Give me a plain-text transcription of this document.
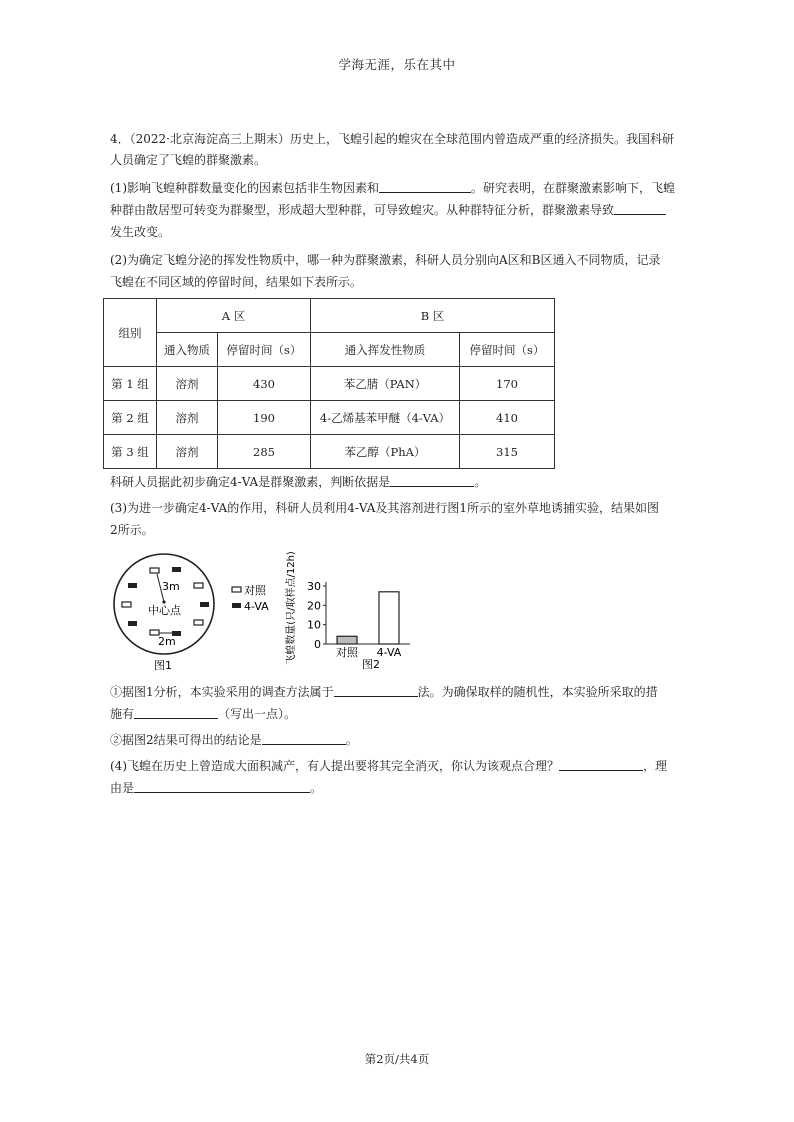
学海无涯，乐在其中
4．（2022·北京海淀高三上期末）历史上，飞蝗引起的蝗灾在全球范围内曾造成严重的经济损失。我国科研
人员确定了飞蝗的群聚激素。
(1)影响飞蝗种群数量变化的因素包括非生物因素和	。研究表明，在群聚激素影响下，飞蝗
种群由散居型可转变为群聚型，形成超大型种群，可导致蝗灾。从种群特征分析，群聚激素导致
发生改变。
(2)为确定飞蝗分泌的挥发性物质中，哪一种为群聚激素，科研人员分别向A区和B区通入不同物质，记录
飞蝗在不同区域的停留时间，结果如下表所示。
组别	A 区		B 区	
	通入物质	停留时间（s）	通入挥发性物质	停留时间（s）
第 1 组	溶剂	430	苯乙腈（PAN）	170
第 2 组	溶剂	190	4-乙烯基苯甲醚（4-VA）	410
第 3 组	溶剂	285	苯乙醇（PhA）	315
科研人员据此初步确定4-VA是群聚激素，判断依据是	。
(3)为进一步确定4-VA的作用，科研人员利用4-VA及其溶剂进行图1所示的室外草地诱捕实验，结果如图
2所示。
3m
中心点
2m
图1
对照
4-VA 飞蝗数量(只/取样点/12h) 0
10
20
30
对照 4-VA
图2
①据图1分析，本实验采用的调查方法属于	法。为确保取样的随机性，本实验所采取的措
施有	（写出一点）。
②据图2结果可得出的结论是	。
(4)飞蝗在历史上曾造成大面积减产，有人提出要将其完全消灭，你认为该观点合理？	，理
由是	。
第2页/共4页
